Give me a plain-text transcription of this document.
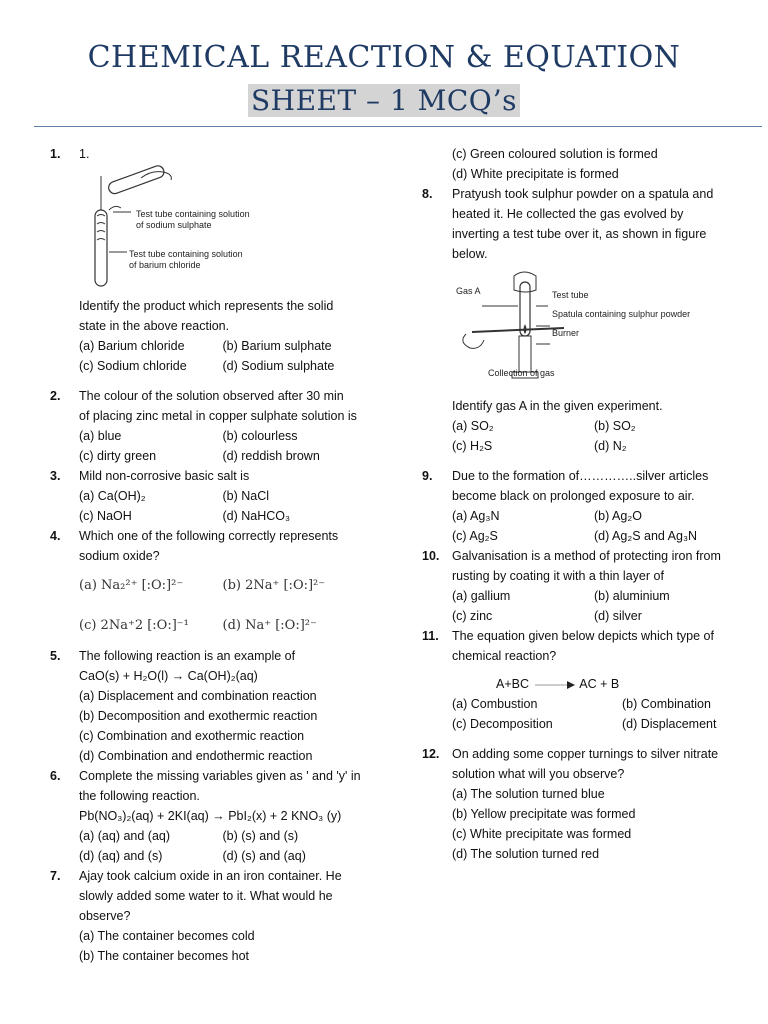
CHEMICAL REACTION & EQUATION
SHEET – 1 MCQ’s
1. 1.
Test tube containing solution
of sodium sulphate
Test tube containing solution
of barium chloride
Identify the product which represents the solid
state in the above reaction.
(a) Barium chloride	(b) Barium sulphate
(c) Sodium chloride	(d) Sodium sulphate
2. The colour of the solution observed after 30 min
of placing zinc metal in copper sulphate solution is
(a) blue	(b) colourless
(c) dirty green	(d) reddish brown
3. Mild non-corrosive basic salt is
(a) Ca(OH)₂	(b) NaCl
(c) NaOH	(d) NaHCO₃
4. Which one of the following correctly represents
sodium oxide?
(a) Na₂²⁺ [:O:]²⁻	(b) 2Na⁺ [:O:]²⁻
(c) 2Na⁺2 [:O:]⁻¹	(d) Na⁺ [:O:]²⁻
5. The following reaction is an example of
CaO(s) + H₂O(l) → Ca(OH)₂(aq)
(a) Displacement and combination reaction
(b) Decomposition and exothermic reaction
(c) Combination and exothermic reaction
(d) Combination and endothermic reaction
6. Complete the missing variables given as ' and 'y' in
the following reaction.
Pb(NO₃)₂(aq) + 2KI(aq) → PbI₂(x) + 2 KNO₃ (y)
(a) (aq) and (aq)	(b) (s) and (s)
(d) (aq) and (s)	(d) (s) and (aq)
7. Ajay took calcium oxide in an iron container. He
slowly added some water to it. What would he
observe?
(a) The container becomes cold
(b) The container becomes hot
(c) Green coloured solution is formed
(d) White precipitate is formed
8. Pratyush took sulphur powder on a spatula and
heated it. He collected the gas evolved by
inverting a test tube over it, as shown in figure
below.
Gas A	Test tube
Spatula containing sulphur powder
Burner
Collection of gas
Identify gas A in the given experiment.
(a) SO₂	(b) SO₂
(c) H₂S	(d) N₂
9. Due to the formation of…………..silver articles
become black on prolonged exposure to air.
(a) Ag₃N	(b) Ag₂O
(c) Ag₂S	(d) Ag₂S and Ag₃N
10. Galvanisation is a method of protecting iron from
rusting by coating it with a thin layer of
(a) gallium	(b) aluminium
(c) zinc	(d) silver
11. The equation given below depicts which type of
chemical reaction?
A+BC	AC + B
(a) Combustion	(b) Combination
(c) Decomposition	(d) Displacement
12. On adding some copper turnings to silver nitrate
solution what will you observe?
(a) The solution turned blue
(b) Yellow precipitate was formed
(c) White precipitate was formed
(d) The solution turned red
